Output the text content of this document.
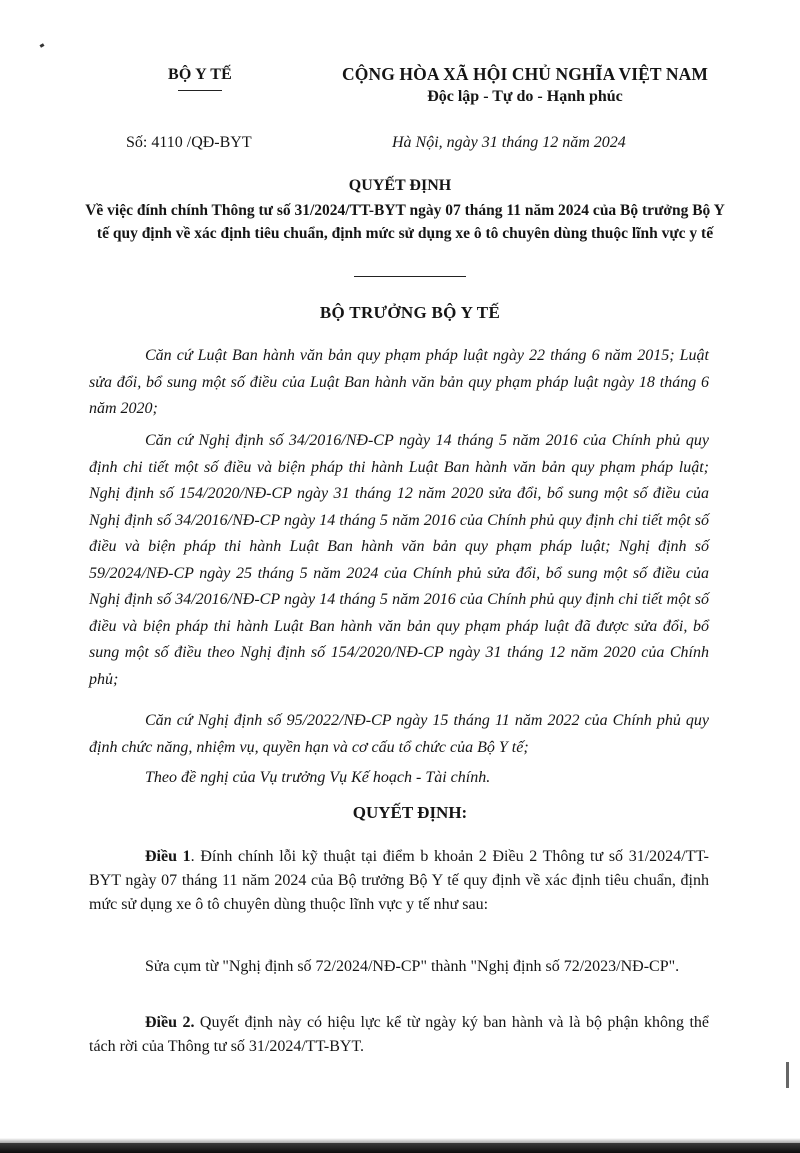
BỘ Y TẾ	CỘNG HÒA XÃ HỘI CHỦ NGHĨA VIỆT NAM
Độc lập - Tự do - Hạnh phúc
Số: 4110 /QĐ-BYT	Hà Nội, ngày 31 tháng 12 năm 2024
QUYẾT ĐỊNH
Về việc đính chính Thông tư số 31/2024/TT-BYT ngày 07 tháng 11 năm 2024 của Bộ trưởng Bộ Y tế quy định về xác định tiêu chuẩn, định mức sử dụng xe ô tô chuyên dùng thuộc lĩnh vực y tế
BỘ TRƯỞNG BỘ Y TẾ

Căn cứ Luật Ban hành văn bản quy phạm pháp luật ngày 22 tháng 6 năm 2015; Luật sửa đổi, bổ sung một số điều của Luật Ban hành văn bản quy phạm pháp luật ngày 18 tháng 6 năm 2020;

Căn cứ Nghị định số 34/2016/NĐ-CP ngày 14 tháng 5 năm 2016 của Chính phủ quy định chi tiết một số điều và biện pháp thi hành Luật Ban hành văn bản quy phạm pháp luật; Nghị định số 154/2020/NĐ-CP ngày 31 tháng 12 năm 2020 sửa đổi, bổ sung một số điều của Nghị định số 34/2016/NĐ-CP ngày 14 tháng 5 năm 2016 của Chính phủ quy định chi tiết một số điều và biện pháp thi hành Luật Ban hành văn bản quy phạm pháp luật; Nghị định số 59/2024/NĐ-CP ngày 25 tháng 5 năm 2024 của Chính phủ sửa đổi, bổ sung một số điều của Nghị định số 34/2016/NĐ-CP ngày 14 tháng 5 năm 2016 của Chính phủ quy định chi tiết một số điều và biện pháp thi hành Luật Ban hành văn bản quy phạm pháp luật đã được sửa đổi, bổ sung một số điều theo Nghị định số 154/2020/NĐ-CP ngày 31 tháng 12 năm 2020 của Chính phủ;

Căn cứ Nghị định số 95/2022/NĐ-CP ngày 15 tháng 11 năm 2022 của Chính phủ quy định chức năng, nhiệm vụ, quyền hạn và cơ cấu tổ chức của Bộ Y tế;

Theo đề nghị của Vụ trưởng Vụ Kế hoạch - Tài chính.

QUYẾT ĐỊNH:

Điều 1. Đính chính lỗi kỹ thuật tại điểm b khoản 2 Điều 2 Thông tư số 31/2024/TT-BYT ngày 07 tháng 11 năm 2024 của Bộ trưởng Bộ Y tế quy định về xác định tiêu chuẩn, định mức sử dụng xe ô tô chuyên dùng thuộc lĩnh vực y tế như sau:

Sửa cụm từ "Nghị định số 72/2024/NĐ-CP" thành "Nghị định số 72/2023/NĐ-CP".

Điều 2. Quyết định này có hiệu lực kể từ ngày ký ban hành và là bộ phận không thể tách rời của Thông tư số 31/2024/TT-BYT.
